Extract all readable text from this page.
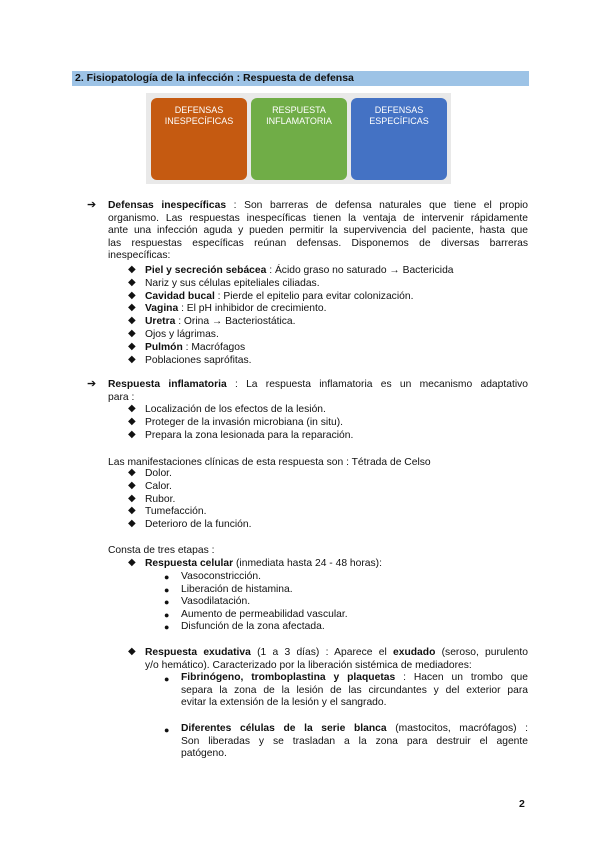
2. Fisiopatología de la infección : Respuesta de defensa
DEFENSAS
INESPECÍFICAS
RESPUESTA
INFLAMATORIA
DEFENSAS
ESPECÍFICAS
➔ Defensas inespecíficas : Son barreras de defensa naturales que tiene el propio
organismo. Las respuestas inespecíficas tienen la ventaja de intervenir rápidamente
ante una infección aguda y pueden permitir la supervivencia del paciente, hasta que
las respuestas específicas reúnan defensas. Disponemos de diversas barreras
inespecíficas:
◆ Piel y secreción sebácea : Ácido graso no saturado → Bactericida
◆ Nariz y sus células epiteliales ciliadas.
◆ Cavidad bucal : Pierde el epitelio para evitar colonización.
◆ Vagina : El pH inhibidor de crecimiento.
◆ Uretra : Orina → Bacteriostática.
◆ Ojos y lágrimas.
◆ Pulmón : Macrófagos
◆ Poblaciones saprófitas.
➔ Respuesta inflamatoria : La respuesta inflamatoria es un mecanismo adaptativo
para :
◆ Localización de los efectos de la lesión.
◆ Proteger de la invasión microbiana (in situ).
◆ Prepara la zona lesionada para la reparación.
Las manifestaciones clínicas de esta respuesta son : Tétrada de Celso
◆ Dolor.
◆ Calor.
◆ Rubor.
◆ Tumefacción.
◆ Deterioro de la función.
Consta de tres etapas :
◆ Respuesta celular (inmediata hasta 24 - 48 horas):
● Vasoconstricción.
● Liberación de histamina.
● Vasodilatación.
● Aumento de permeabilidad vascular.
● Disfunción de la zona afectada.
◆ Respuesta exudativa (1 a 3 días) : Aparece el exudado (seroso, purulento
y/o hemático). Caracterizado por la liberación sistémica de mediadores:
● Fibrinógeno, tromboplastina y plaquetas : Hacen un trombo que
separa la zona de la lesión de las circundantes y del exterior para
evitar la extensión de la lesión y el sangrado.
● Diferentes células de la serie blanca (mastocitos, macrófagos) :
Son liberadas y se trasladan a la zona para destruir el agente
patógeno.
2
